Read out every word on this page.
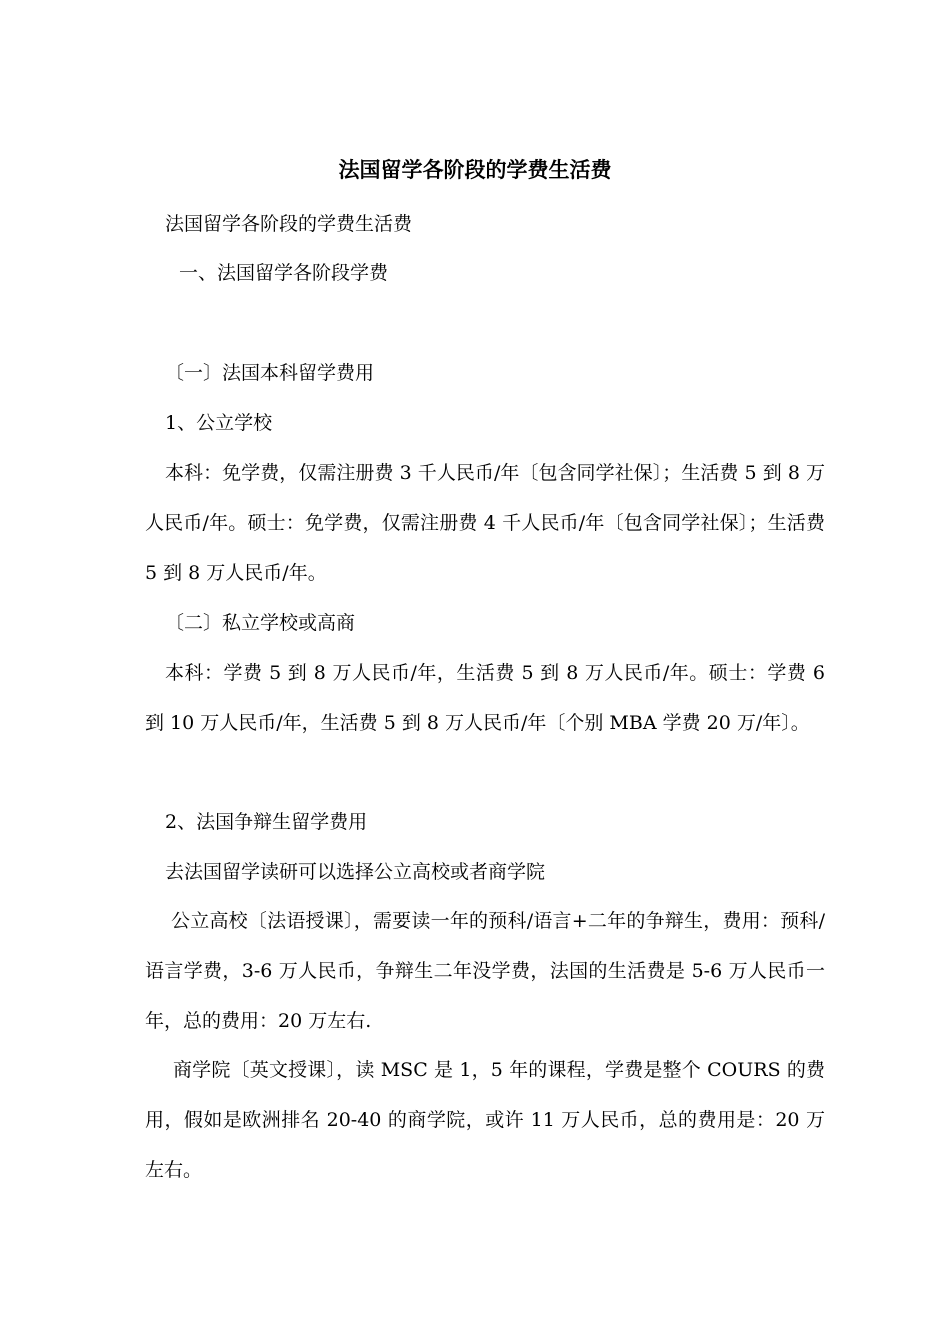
法国留学各阶段的学费生活费
法国留学各阶段的学费生活费
一、法国留学各阶段学费
〔一〕法国本科留学费用
1、公立学校
本科：免学费，仅需注册费 3 千人民币/年〔包含同学社保〕；生活费 5 到 8 万人民币/年。硕士：免学费，仅需注册费 4 千人民币/年〔包含同学社保〕；生活费 5 到 8 万人民币/年。
〔二〕私立学校或高商
本科：学费 5 到 8 万人民币/年，生活费 5 到 8 万人民币/年。硕士：学费 6 到 10 万人民币/年，生活费 5 到 8 万人民币/年〔个别 MBA 学费 20 万/年〕。
2、法国争辩生留学费用
去法国留学读研可以选择公立高校或者商学院
公立高校〔法语授课〕，需要读一年的预科/语言+二年的争辩生，费用：预科/语言学费，3-6 万人民币，争辩生二年没学费，法国的生活费是 5-6 万人民币一年，总的费用：20 万左右.
商学院〔英文授课〕，读 MSC 是 1，5 年的课程，学费是整个 COURS 的费用，假如是欧洲排名 20-40 的商学院，或许 11 万人民币，总的费用是：20 万左右。
